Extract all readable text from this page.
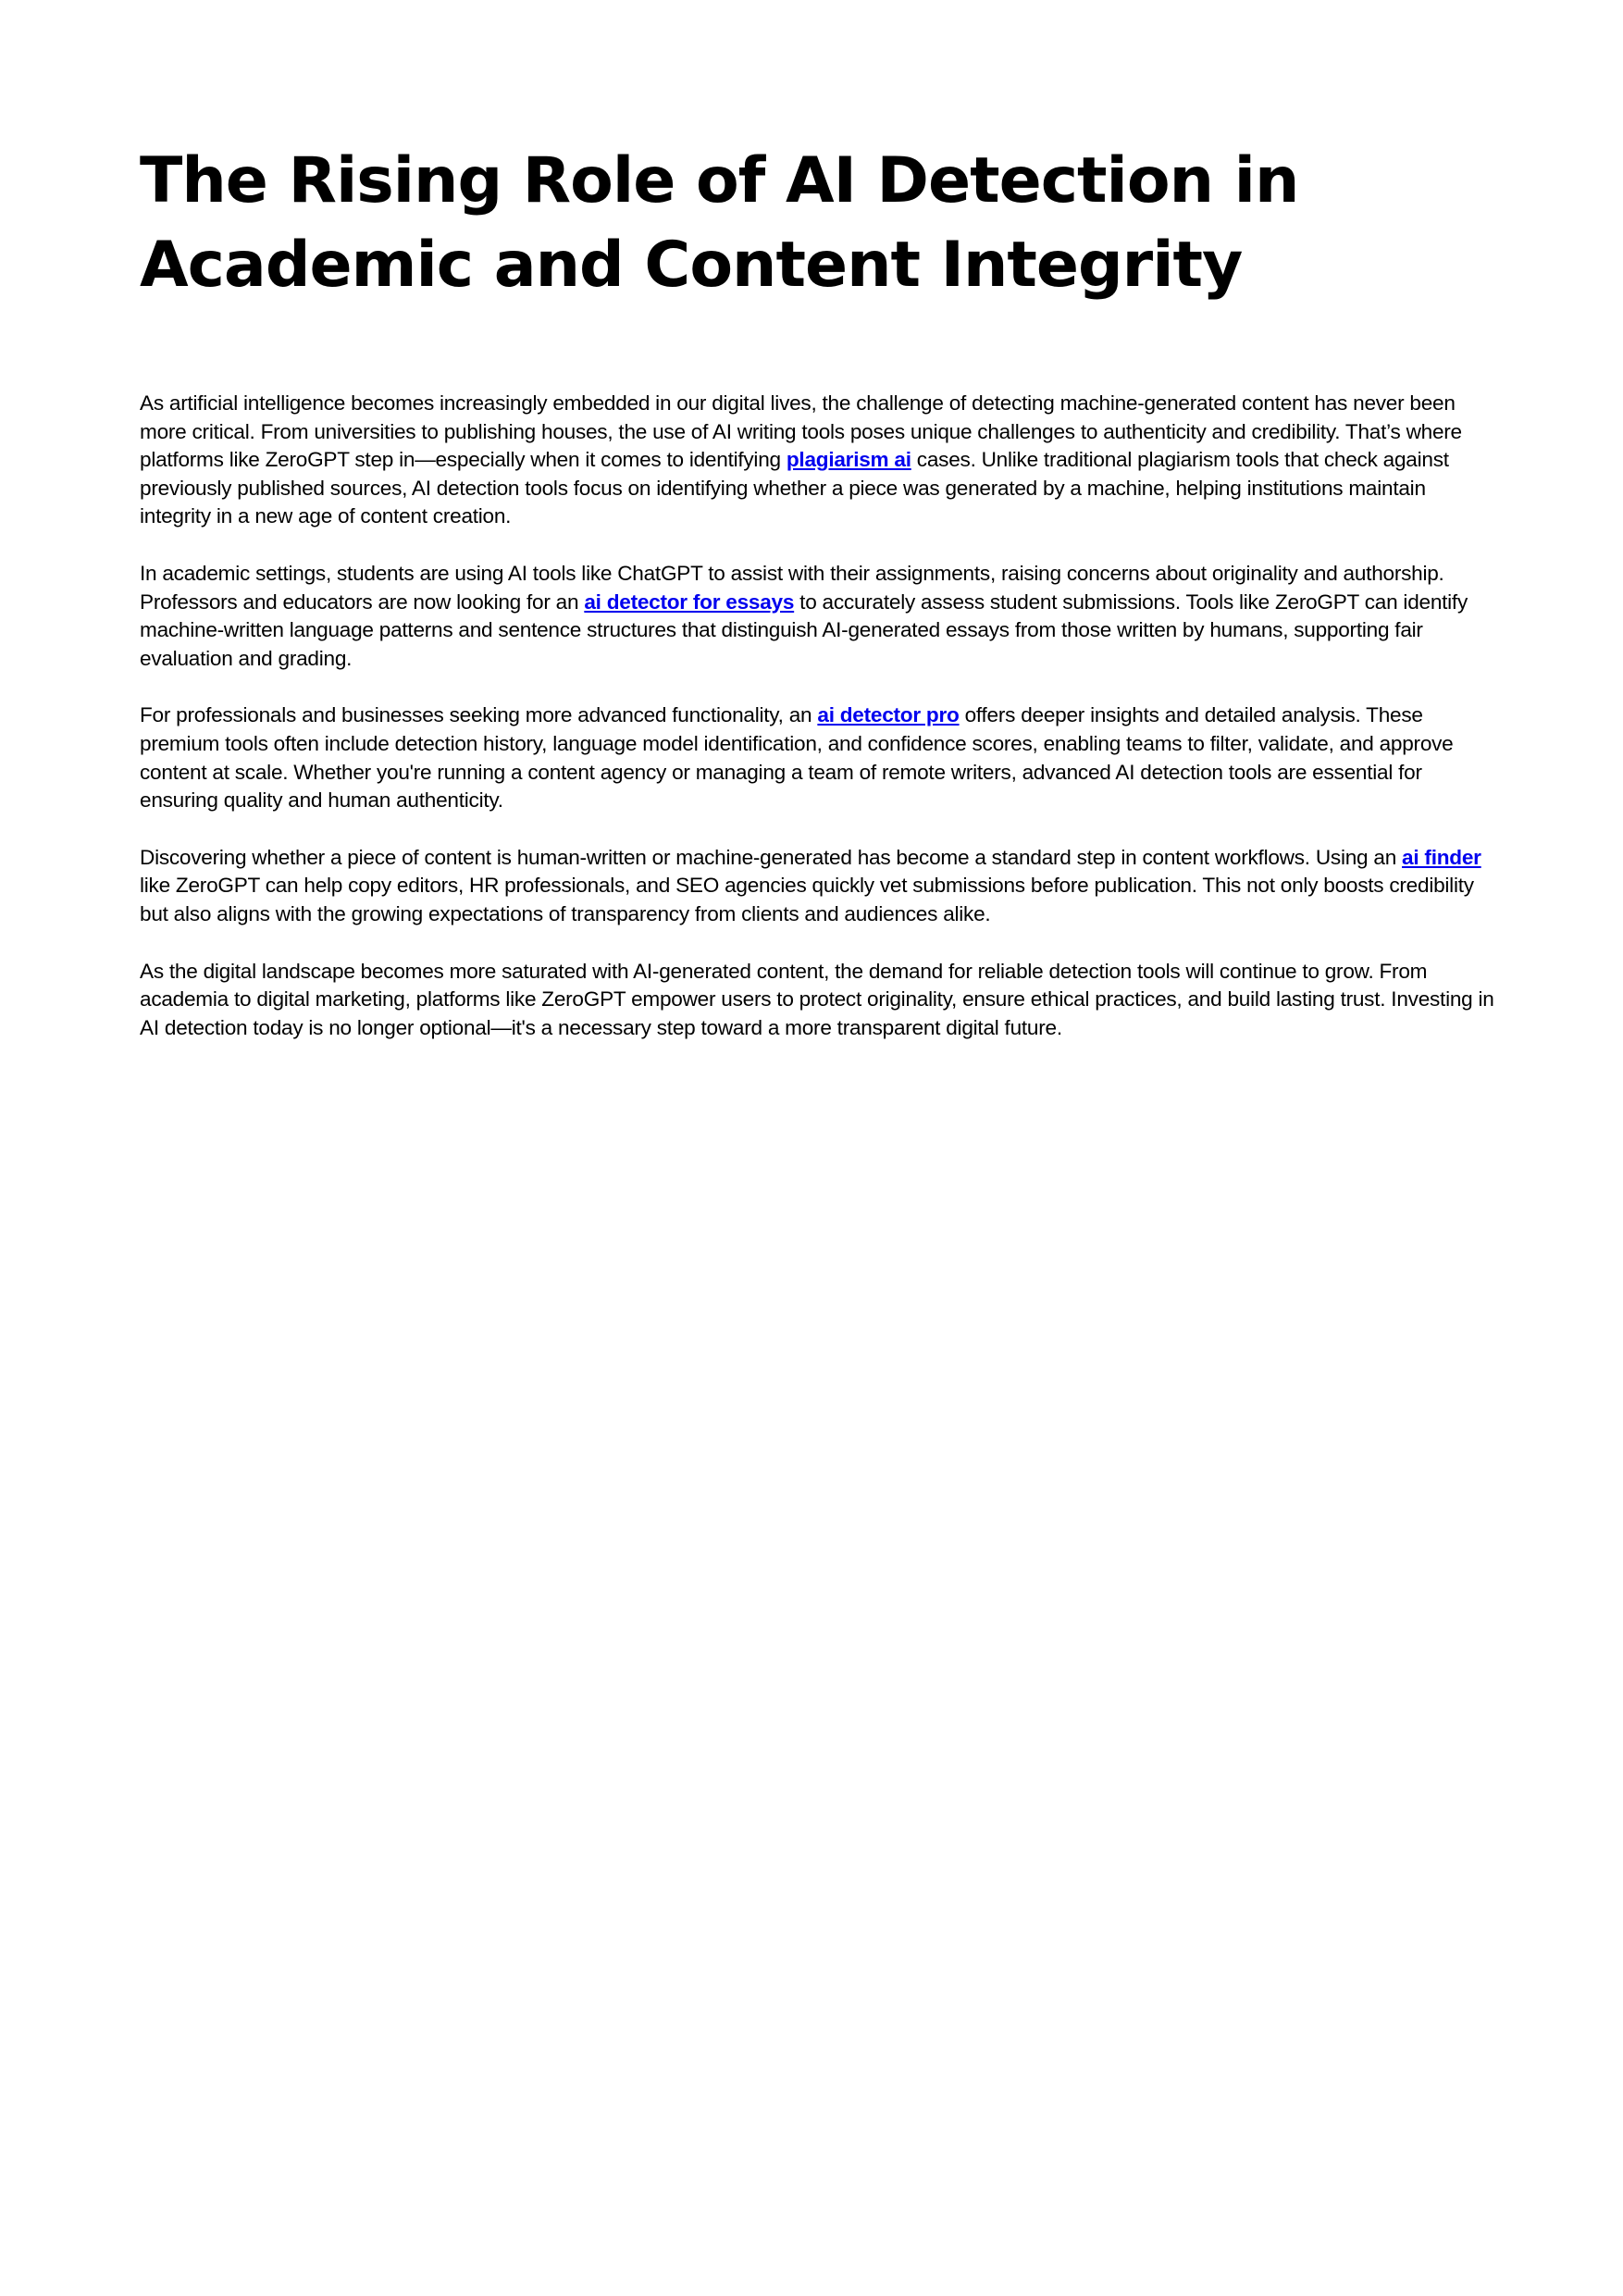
The Rising Role of AI Detection in Academic and Content Integrity

As artificial intelligence becomes increasingly embedded in our digital lives, the challenge of detecting machine-generated content has never been more critical. From universities to publishing houses, the use of AI writing tools poses unique challenges to authenticity and credibility. That’s where platforms like ZeroGPT step in—especially when it comes to identifying plagiarism ai cases. Unlike traditional plagiarism tools that check against previously published sources, AI detection tools focus on identifying whether a piece was generated by a machine, helping institutions maintain integrity in a new age of content creation.

In academic settings, students are using AI tools like ChatGPT to assist with their assignments, raising concerns about originality and authorship. Professors and educators are now looking for an ai detector for essays to accurately assess student submissions. Tools like ZeroGPT can identify machine-written language patterns and sentence structures that distinguish AI-generated essays from those written by humans, supporting fair evaluation and grading.

For professionals and businesses seeking more advanced functionality, an ai detector pro offers deeper insights and detailed analysis. These premium tools often include detection history, language model identification, and confidence scores, enabling teams to filter, validate, and approve content at scale. Whether you're running a content agency or managing a team of remote writers, advanced AI detection tools are essential for ensuring quality and human authenticity.

Discovering whether a piece of content is human-written or machine-generated has become a standard step in content workflows. Using an ai finder like ZeroGPT can help copy editors, HR professionals, and SEO agencies quickly vet submissions before publication. This not only boosts credibility but also aligns with the growing expectations of transparency from clients and audiences alike.

As the digital landscape becomes more saturated with AI-generated content, the demand for reliable detection tools will continue to grow. From academia to digital marketing, platforms like ZeroGPT empower users to protect originality, ensure ethical practices, and build lasting trust. Investing in AI detection today is no longer optional—it's a necessary step toward a more transparent digital future.
